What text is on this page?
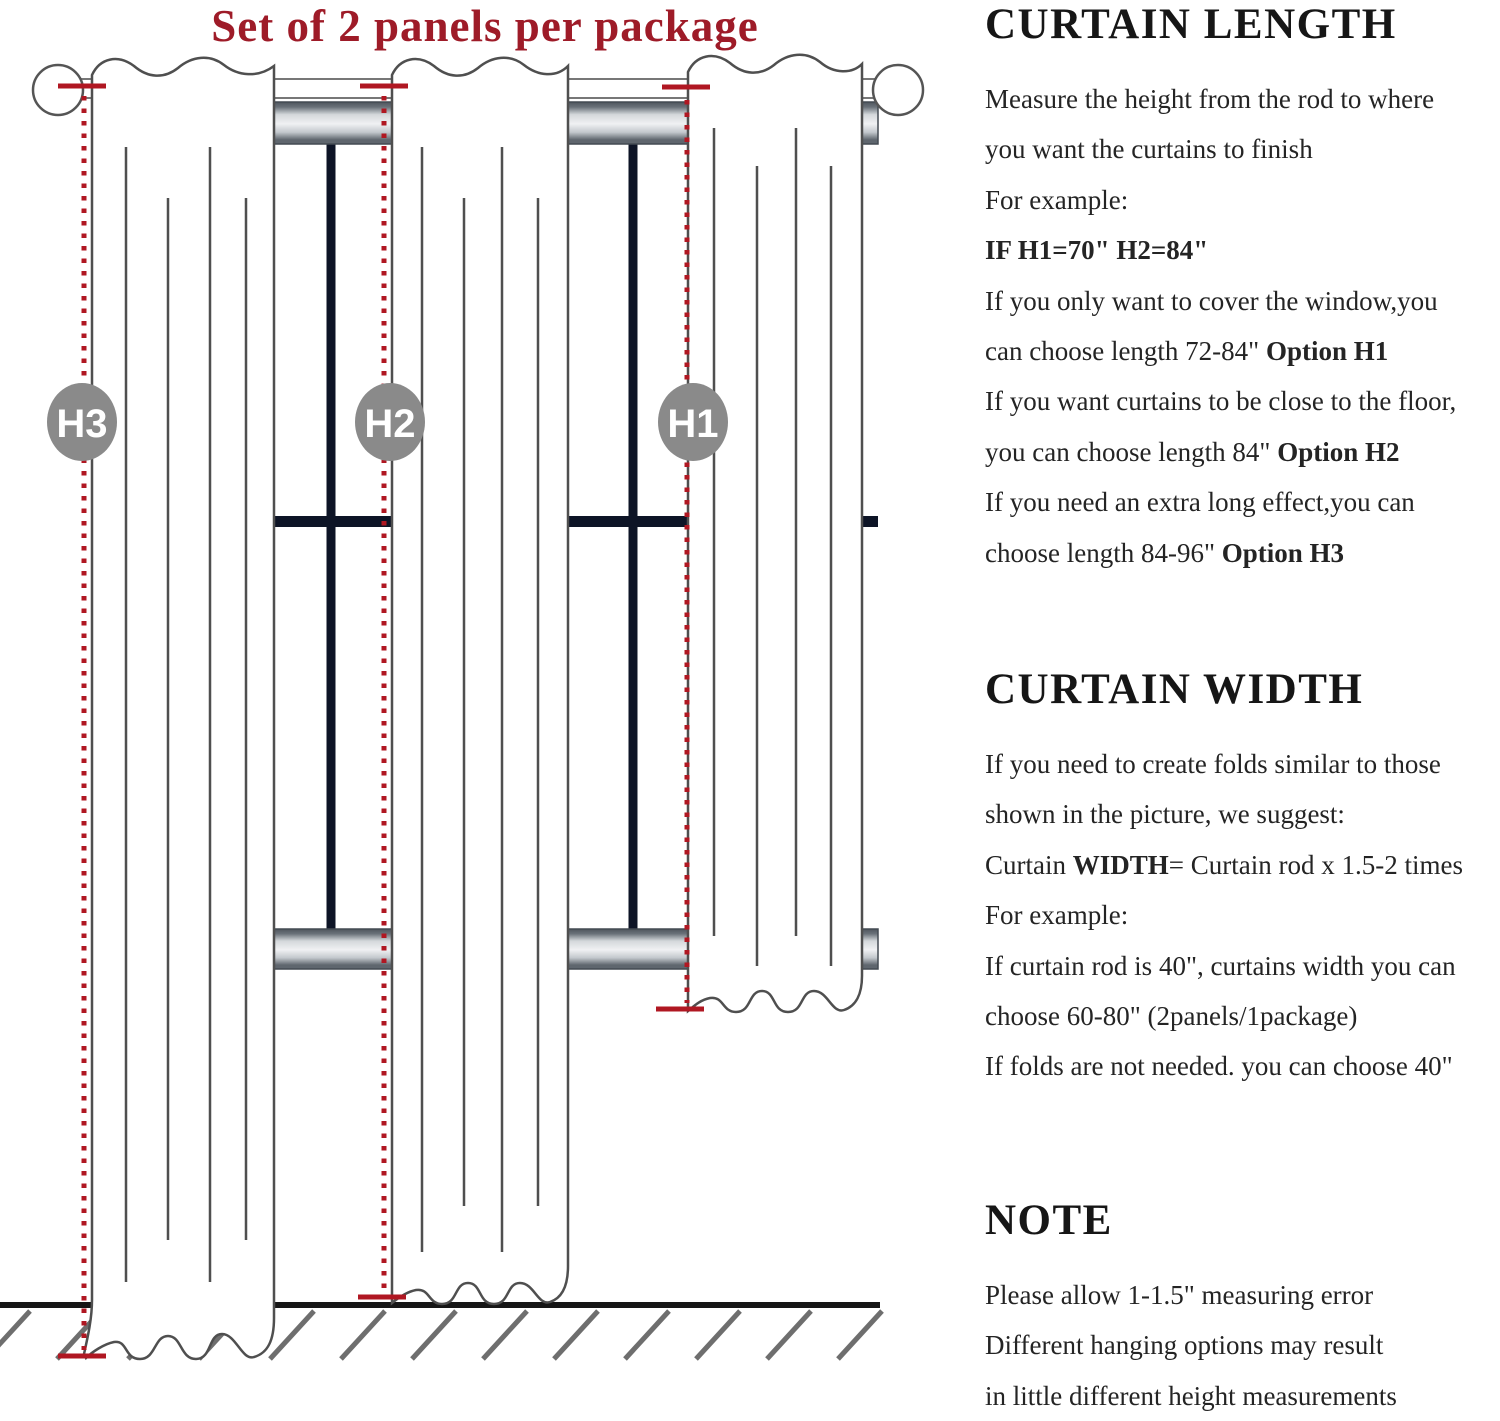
Set of 2 panels per package
H3	H2	H1
CURTAIN LENGTH
Measure the height from the rod to where
you want the curtains to finish
For example:
IF H1=70" H2=84"
If you only want to cover the window,you
can choose length 72-84" Option H1
If you want curtains to be close to the floor,
you can choose length 84" Option H2
If you need an extra long effect,you can
choose length 84-96" Option H3
CURTAIN WIDTH
If you need to create folds similar to those
shown in the picture, we suggest:
Curtain WIDTH= Curtain rod x 1.5-2 times
For example:
If curtain rod is 40", curtains width you can
choose 60-80" (2panels/1package)
If folds are not needed. you can choose 40"
NOTE
Please allow 1-1.5" measuring error
Different hanging options may result
in little different height measurements
